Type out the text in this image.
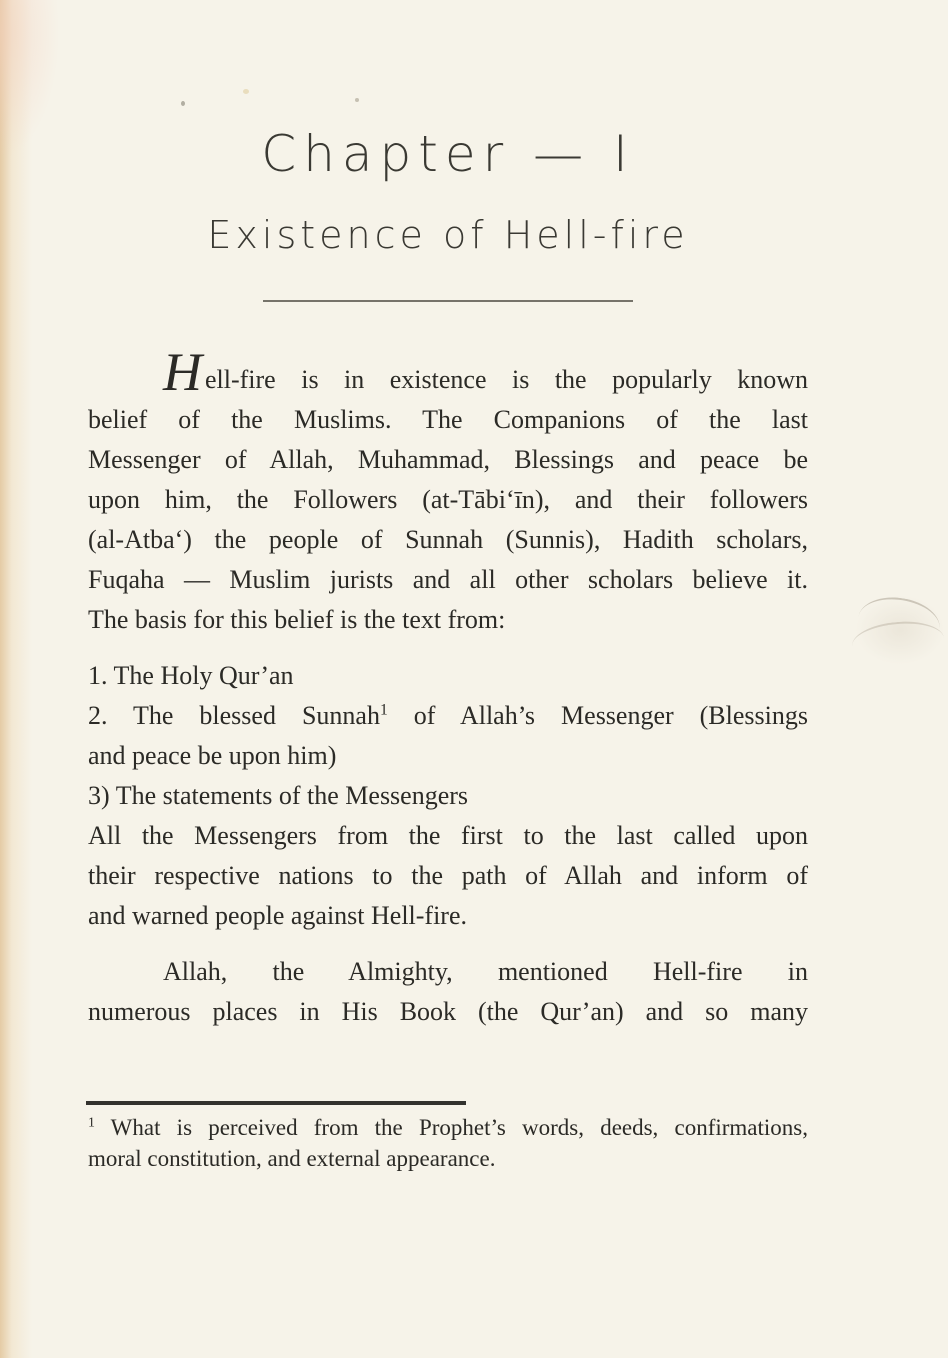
Chapter — I
Existence of Hell-fire
Hell-fire is in existence is the popularly known
belief of the Muslims. The Companions of the last
Messenger of Allah, Muhammad, Blessings and peace be
upon him, the Followers (at-Tābi‘īn), and their followers
(al-Atba‘) the people of Sunnah (Sunnis), Hadith scholars,
Fuqaha — Muslim jurists and all other scholars believe it.
The basis for this belief is the text from:
1. The Holy Qur’an
2. The blessed Sunnah$^1$ of Allah’s Messenger (Blessings
and peace be upon him)
3) The statements of the Messengers
All the Messengers from the first to the last called upon
their respective nations to the path of Allah and inform of
and warned people against Hell-fire.
Allah, the Almighty, mentioned Hell-fire in
numerous places in His Book (the Qur’an) and so many
$^1$ What is perceived from the Prophet’s words, deeds, confirmations,
moral constitution, and external appearance.
